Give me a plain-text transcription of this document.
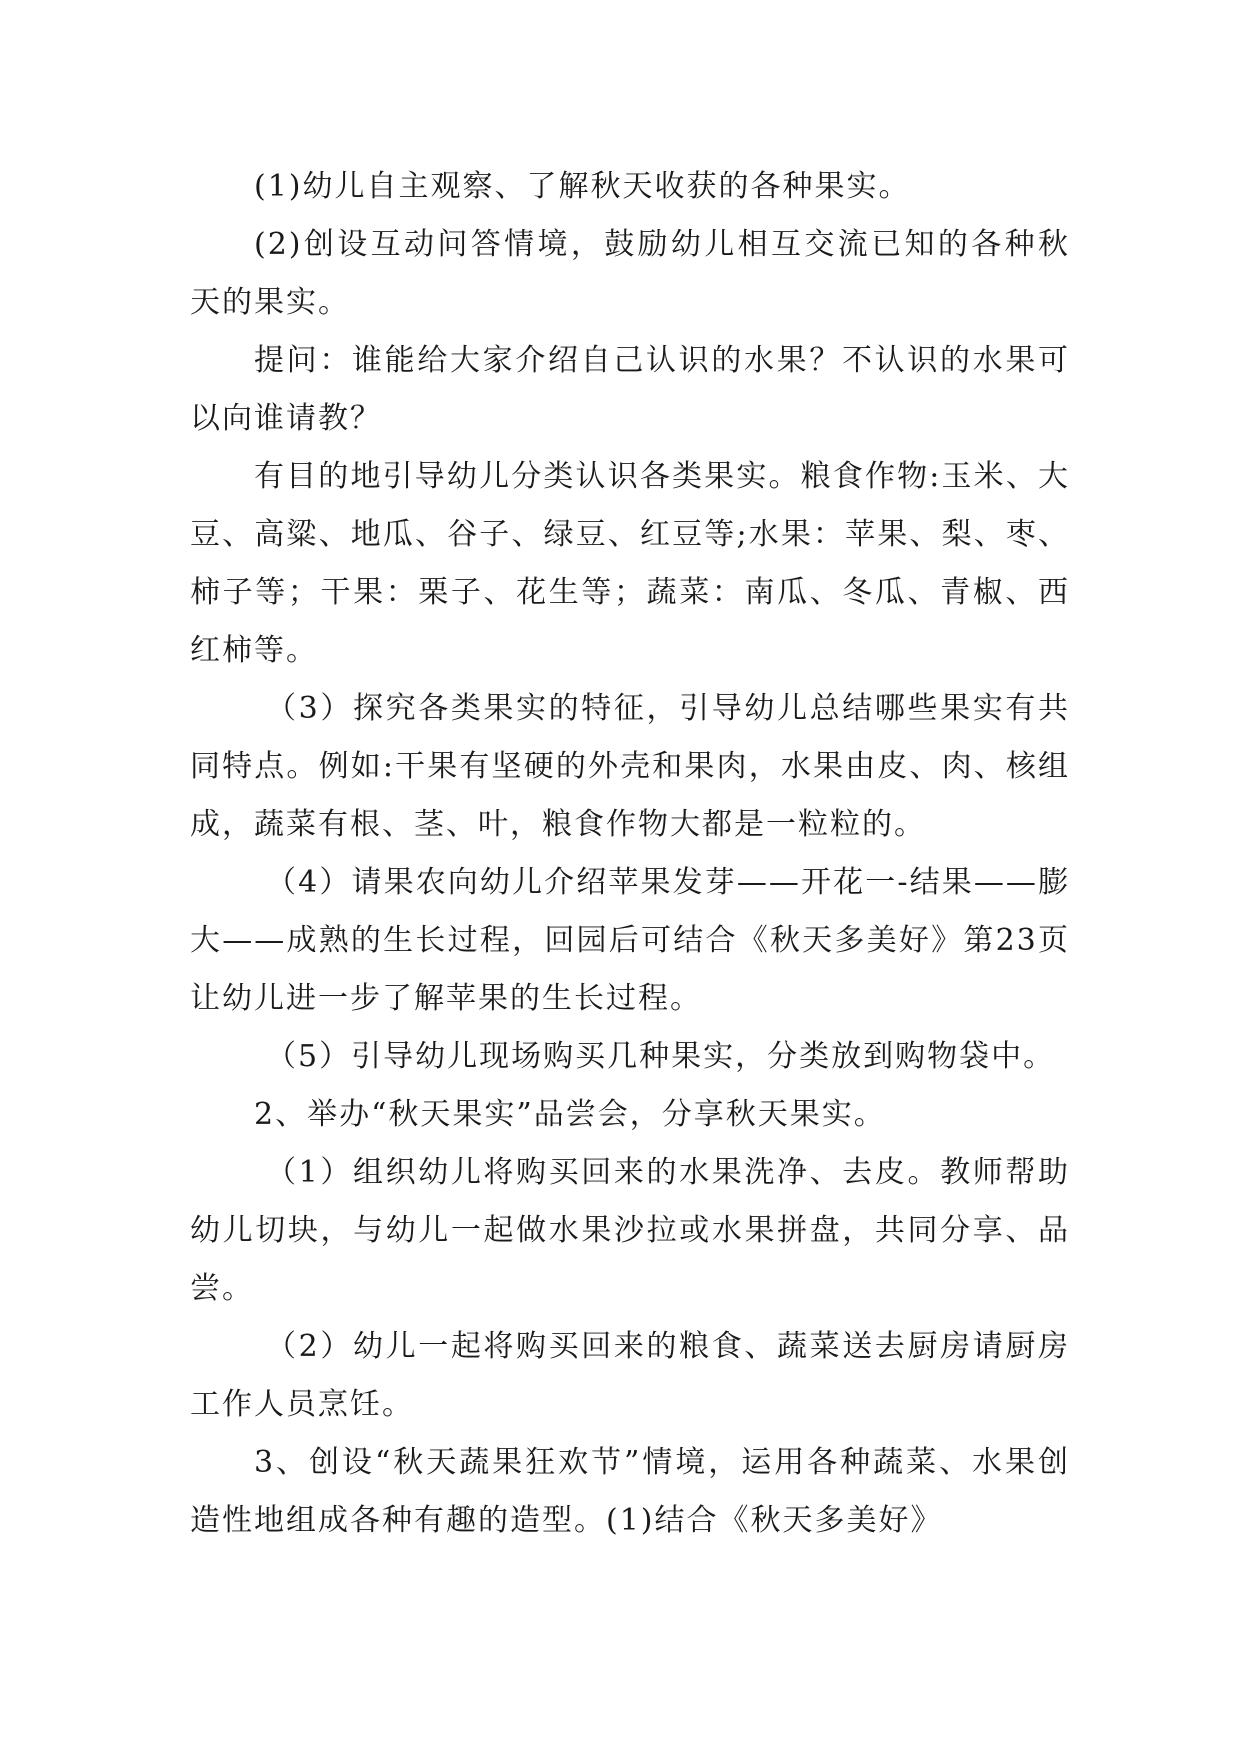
(1)幼儿自主观察、了解秋天收获的各种果实。

(2)创设互动问答情境，鼓励幼儿相互交流已知的各种秋天的果实。

提问：谁能给大家介绍自己认识的水果？不认识的水果可以向谁请教？

有目的地引导幼儿分类认识各类果实。粮食作物:玉米、大豆、高粱、地瓜、谷子、绿豆、红豆等;水果：苹果、梨、枣、柿子等；干果：栗子、花生等；蔬菜：南瓜、冬瓜、青椒、西红柿等。

（3）探究各类果实的特征，引导幼儿总结哪些果实有共同特点。例如:干果有坚硬的外壳和果肉，水果由皮、肉、核组成，蔬菜有根、茎、叶，粮食作物大都是一粒粒的。

（4）请果农向幼儿介绍苹果发芽——开花一-结果——膨大——成熟的生长过程，回园后可结合《秋天多美好》第23页让幼儿进一步了解苹果的生长过程。

（5）引导幼儿现场购买几种果实，分类放到购物袋中。

2、举办“秋天果实”品尝会，分享秋天果实。

（1）组织幼儿将购买回来的水果洗净、去皮。教师帮助幼儿切块，与幼儿一起做水果沙拉或水果拼盘，共同分享、品尝。

（2）幼儿一起将购买回来的粮食、蔬菜送去厨房请厨房工作人员烹饪。

3、创设“秋天蔬果狂欢节”情境，运用各种蔬菜、水果创造性地组成各种有趣的造型。(1)结合《秋天多美好》
